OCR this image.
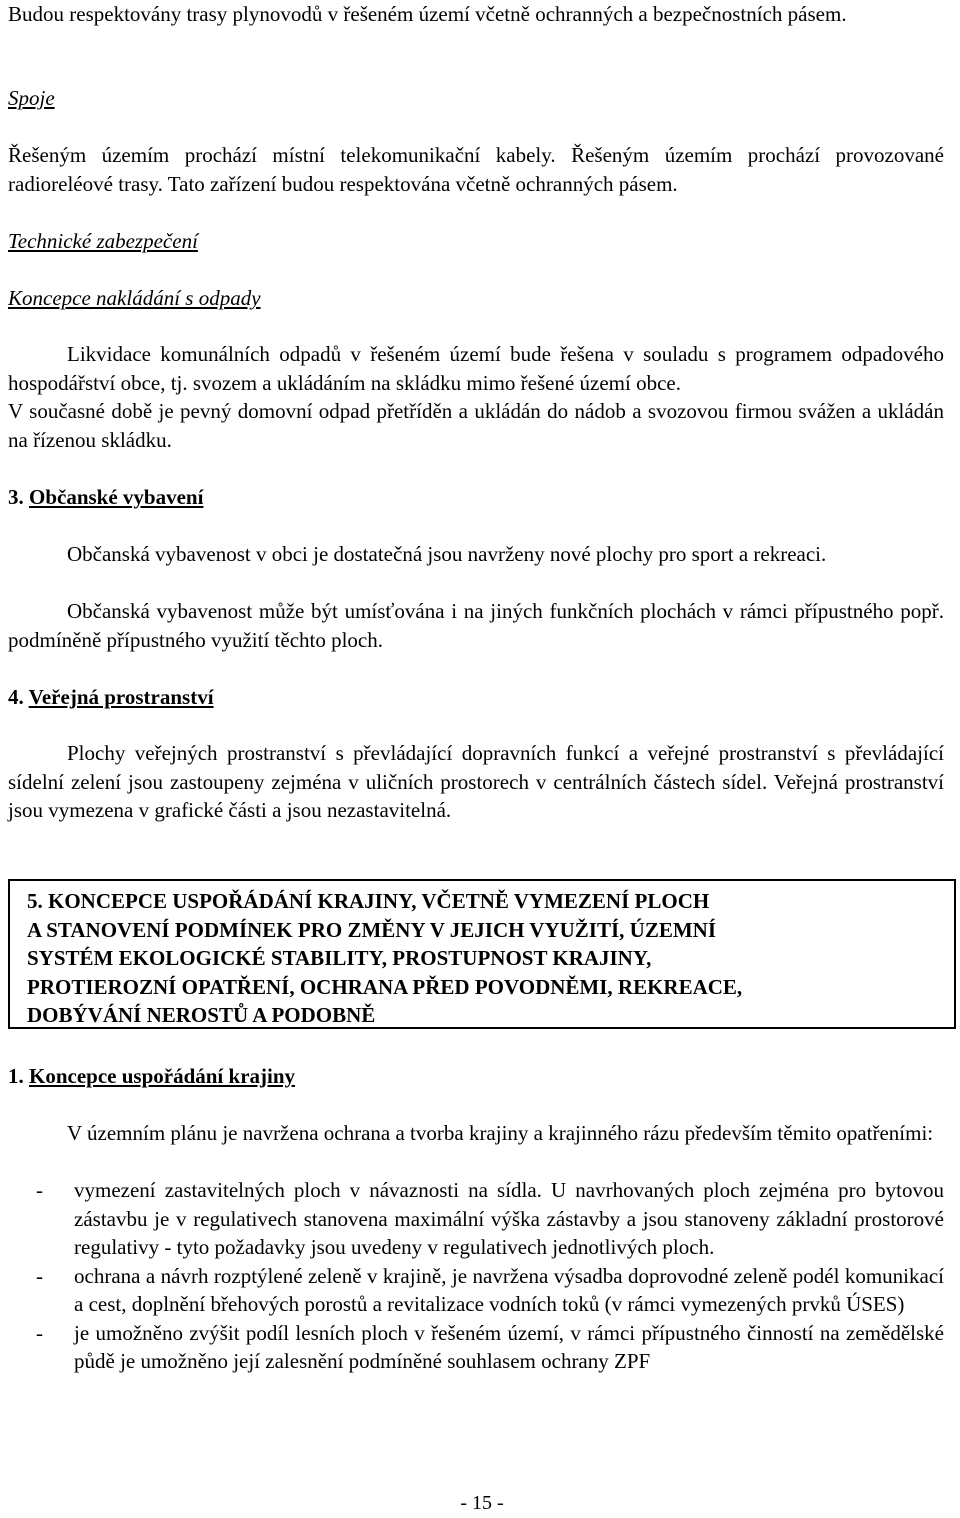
Budou respektovány trasy plynovodů v řešeném území včetně ochranných a bezpečnostních pásem.

Spoje

Řešeným územím prochází místní telekomunikační kabely. Řešeným územím prochází provozované radioreléové trasy. Tato zařízení budou respektována včetně ochranných pásem.

Technické zabezpečení
Koncepce nakládání s odpady

Likvidace komunálních odpadů v řešeném území bude řešena v souladu s programem odpadového hospodářství obce, tj. svozem a ukládáním na skládku mimo řešené území obce.

V současné době je pevný domovní odpad přetříděn a ukládán do nádob a svozovou firmou svážen a ukládán na řízenou skládku.

3. Občanské vybavení

Občanská vybavenost v obci je dostatečná jsou navrženy nové plochy pro sport a rekreaci.

Občanská vybavenost může být umísťována i na jiných funkčních plochách v rámci přípustného popř. podmíněně přípustného využití těchto ploch.

4. Veřejná prostranství

Plochy veřejných prostranství s převládající dopravních funkcí a veřejné prostranství s převládající sídelní zelení jsou zastoupeny zejména v uličních prostorech v centrálních částech sídel. Veřejná prostranství jsou vymezena v grafické části a jsou nezastavitelná.

5. KONCEPCE USPOŘÁDÁNÍ KRAJINY, VČETNĚ VYMEZENÍ PLOCH
A STANOVENÍ PODMÍNEK PRO ZMĚNY V JEJICH VYUŽITÍ, ÚZEMNÍ
SYSTÉM EKOLOGICKÉ STABILITY, PROSTUPNOST KRAJINY,
PROTIEROZNÍ OPATŘENÍ, OCHRANA PŘED POVODNĚMI, REKREACE,
DOBÝVÁNÍ NEROSTŮ A PODOBNĚ
1. Koncepce uspořádání krajiny

V územním plánu je navržena ochrana a tvorba krajiny a krajinného rázu především těmito opatřeními:

- vymezení zastavitelných ploch v návaznosti na sídla. U navrhovaných ploch zejména pro bytovou zástavbu je v regulativech stanovena maximální výška zástavby a jsou stanoveny základní prostorové regulativy - tyto požadavky jsou uvedeny v regulativech jednotlivých ploch.
- ochrana a návrh rozptýlené zeleně v krajině, je navržena výsadba doprovodné zeleně podél komunikací a cest, doplnění břehových porostů a revitalizace vodních toků (v rámci vymezených prvků ÚSES)
- je umožněno zvýšit podíl lesních ploch v řešeném území, v rámci přípustného činností na zemědělské půdě je umožněno její zalesnění podmíněné souhlasem ochrany ZPF
- 15 -
